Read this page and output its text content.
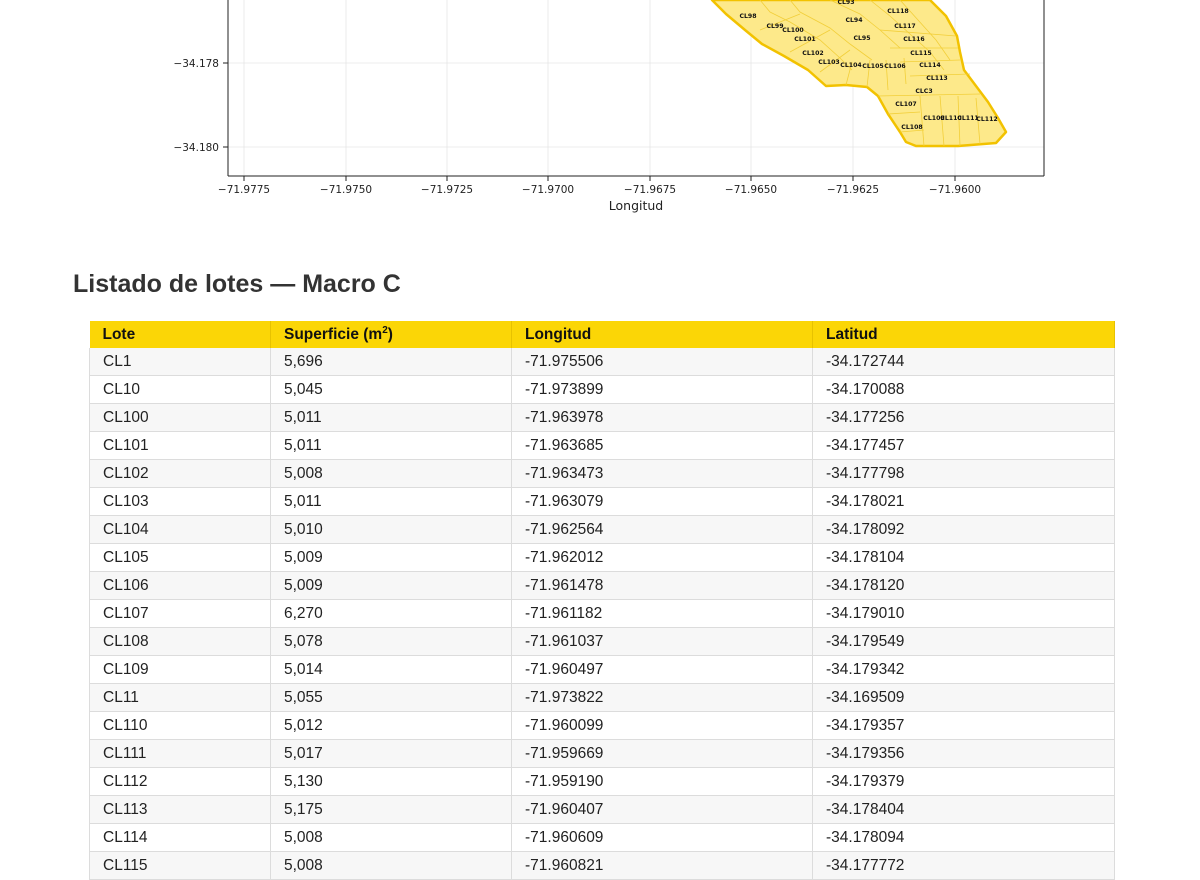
CL93
CL118
CL94
CL117
CL98
CL99
CL100
CL101	CL95	CL116
CL102	CL115
CL103 CL104 CL105 CL106 CL114
CL113
CLC3
CL107
CL109
CL110
CL111
CL112
CL108
−71.9775	−71.9750	−71.9725	−71.9700	−71.9675	−71.9650	−71.9625	−71.9600
−34.178
−34.180
Longitud
Listado de lotes — Macro C
Lote	Superficie $(m^2)$	Longitud	Latitud
CL1	5,696	-71.975506	-34.172744
CL10	5,045	-71.973899	-34.170088
CL100	5,011	-71.963978	-34.177256
CL101	5,011	-71.963685	-34.177457
CL102	5,008	-71.963473	-34.177798
CL103	5,011	-71.963079	-34.178021
CL104	5,010	-71.962564	-34.178092
CL105	5,009	-71.962012	-34.178104
CL106	5,009	-71.961478	-34.178120
CL107	6,270	-71.961182	-34.179010
CL108	5,078	-71.961037	-34.179549
CL109	5,014	-71.960497	-34.179342
CL11	5,055	-71.973822	-34.169509
CL110	5,012	-71.960099	-34.179357
CL111	5,017	-71.959669	-34.179356
CL112	5,130	-71.959190	-34.179379
CL113	5,175	-71.960407	-34.178404
CL114	5,008	-71.960609	-34.178094
CL115	5,008	-71.960821	-34.177772
